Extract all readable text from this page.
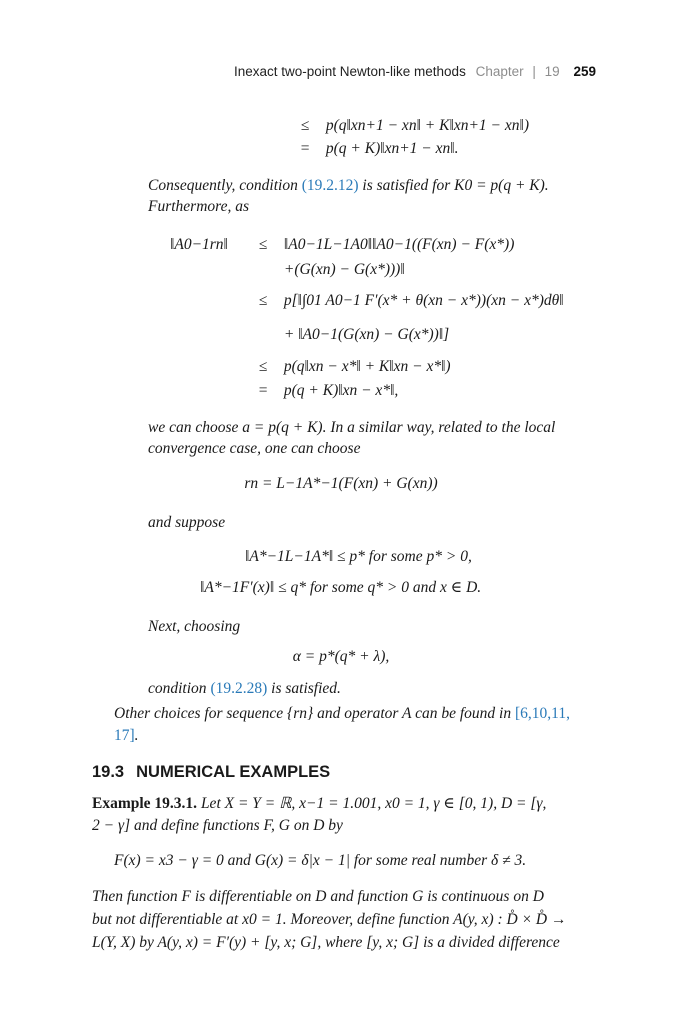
Inexact two-point Newton-like methods Chapter | 19 259
≤ p(q‖xn+1 − xn‖ + K‖xn+1 − xn‖)
= p(q + K)‖xn+1 − xn‖.
Consequently, condition (19.2.12) is satisfied for K0 = p(q + K).
Furthermore, as
‖A0−1rn‖	≤ ‖A0−1L−1A0‖‖A0−1((F(xn) − F(x*))
+(G(xn) − G(x*)))‖
≤ p[‖∫01 A0−1 F′(x* + θ(xn − x*))(xn − x*)dθ‖
+ ‖A0−1(G(xn) − G(x*))‖]
≤ p(q‖xn − x*‖ + K‖xn − x*‖)
= p(q + K)‖xn − x*‖,
we can choose a = p(q + K). In a similar way, related to the local
convergence case, one can choose
rn = L−1A*−1(F(xn) + G(xn))
and suppose
‖A*−1L−1A*‖ ≤ p* for some p* > 0,
‖A*−1F′(x)‖ ≤ q* for some q* > 0 and x ∈ D.
Next, choosing
α = p*(q* + λ),
condition (19.2.28) is satisfied.
Other choices for sequence {rn} and operator A can be found in [6,10,11,
17].
19.3 NUMERICAL EXAMPLES
Example 19.3.1. Let X = Y = ℝ, x−1 = 1.001, x0 = 1, γ ∈ [0, 1), D = [γ,
2 − γ] and define functions F, G on D by
F(x) = x3 − γ = 0 and G(x) = δ|x − 1| for some real number δ ≠ 3.
Then function F is differentiable on D and function G is continuous on D
but not differentiable at x0 = 1. Moreover, define function A(y, x) : D̊ × D̊ →
L(Y, X) by A(y, x) = F′(y) + [y, x; G], where [y, x; G] is a divided difference
